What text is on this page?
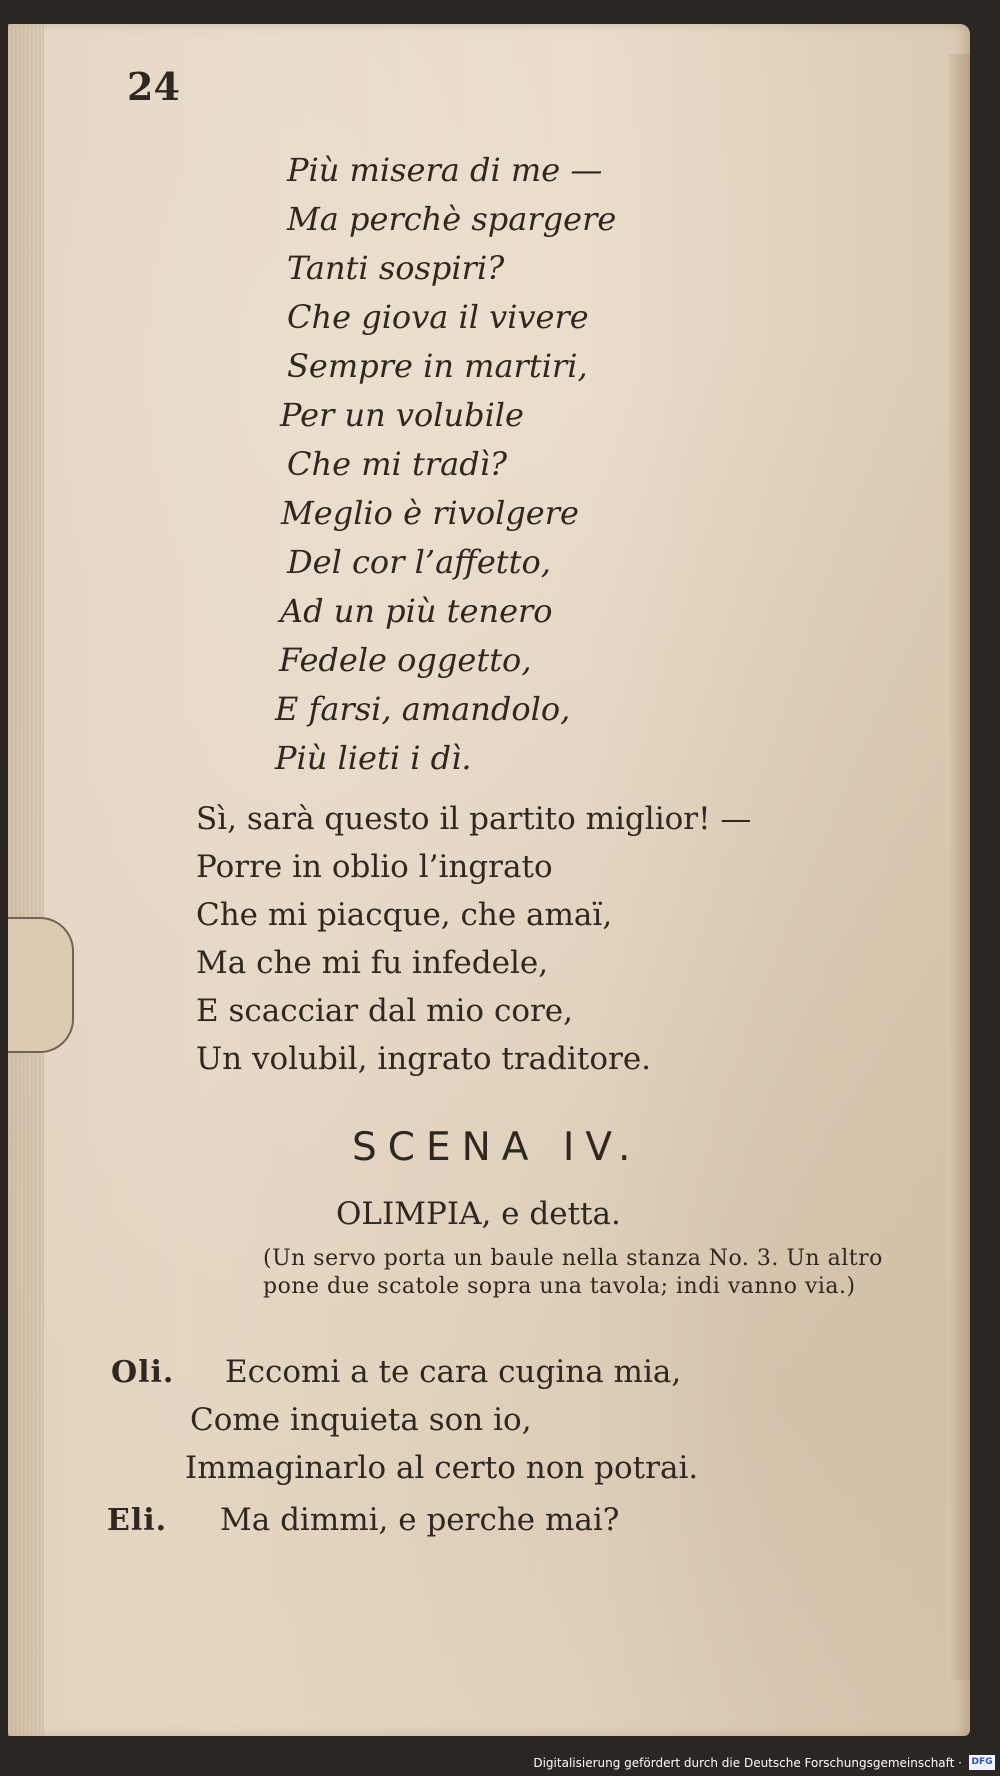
24
Più misera di me —
Ma perchè spargere
Tanti sospiri?
Che giova il vivere
Sempre in martiri,
Per un volubile
Che mi tradì?
Meglio è rivolgere
Del cor l’affetto,
Ad un più tenero
Fedele oggetto,
E farsi, amandolo,
Più lieti i dì.
Sì, sarà questo il partito miglior! —
Porre in oblio l’ingrato
Che mi piacque, che amaï,
Ma che mi fu infedele,
E scacciar dal mio core,
Un volubil, ingrato traditore.
SCENA IV.
OLIMPIA, e detta.
(Un servo porta un baule nella stanza No. 3. Un altro pone due scatole sopra una tavola; indi vanno via.)
Oli. Eccomi a te cara cugina mia,
Come inquieta son io,
Immaginarlo al certo non potrai.
Eli. Ma dimmi, e perche mai?
Digitalisierung gefördert durch die Deutsche Forschungsgemeinschaft · DFG
